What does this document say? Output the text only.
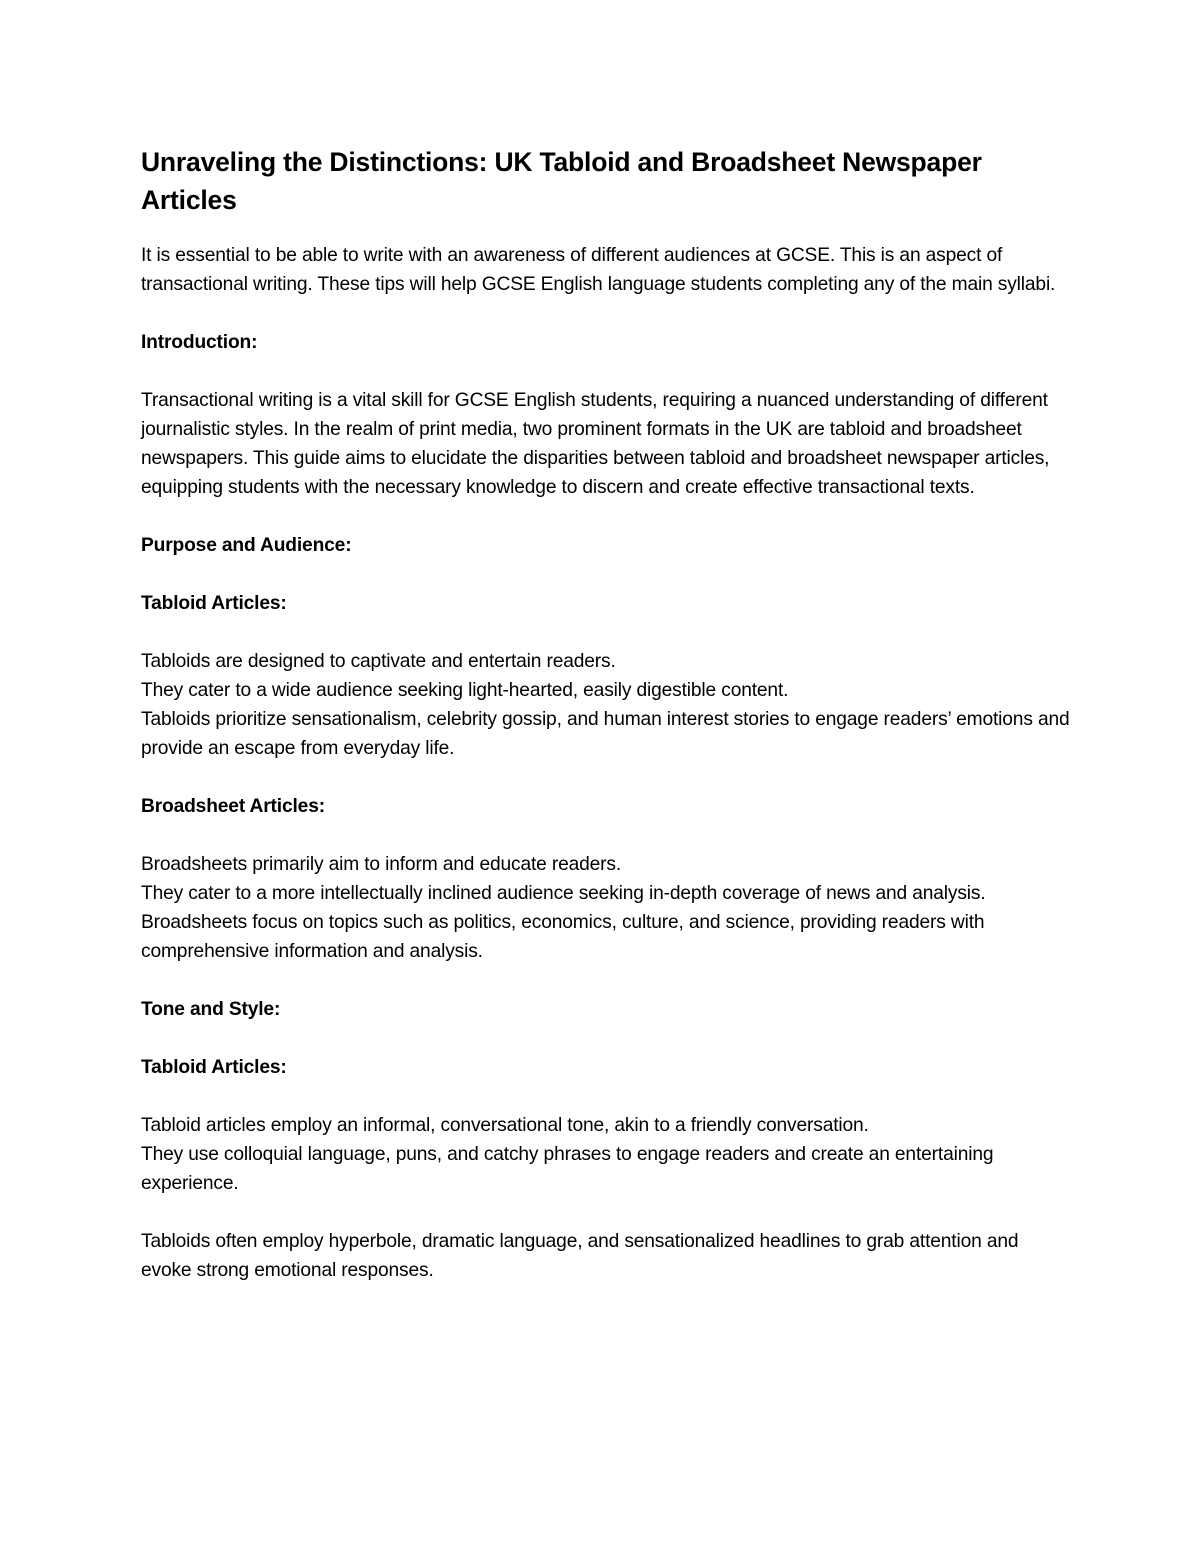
Unraveling the Distinctions: UK Tabloid and Broadsheet Newspaper Articles

It is essential to be able to write with an awareness of different audiences at GCSE. This is an aspect of transactional writing. These tips will help GCSE English language students completing any of the main syllabi.

Introduction:

Transactional writing is a vital skill for GCSE English students, requiring a nuanced understanding of different journalistic styles. In the realm of print media, two prominent formats in the UK are tabloid and broadsheet newspapers. This guide aims to elucidate the disparities between tabloid and broadsheet newspaper articles, equipping students with the necessary knowledge to discern and create effective transactional texts.

Purpose and Audience:

Tabloid Articles:

Tabloids are designed to captivate and entertain readers.
They cater to a wide audience seeking light-hearted, easily digestible content.
Tabloids prioritize sensationalism, celebrity gossip, and human interest stories to engage readers’ emotions and provide an escape from everyday life.

Broadsheet Articles:

Broadsheets primarily aim to inform and educate readers.
They cater to a more intellectually inclined audience seeking in-depth coverage of news and analysis.
Broadsheets focus on topics such as politics, economics, culture, and science, providing readers with comprehensive information and analysis.

Tone and Style:

Tabloid Articles:

Tabloid articles employ an informal, conversational tone, akin to a friendly conversation.
They use colloquial language, puns, and catchy phrases to engage readers and create an entertaining experience.

Tabloids often employ hyperbole, dramatic language, and sensationalized headlines to grab attention and evoke strong emotional responses.
